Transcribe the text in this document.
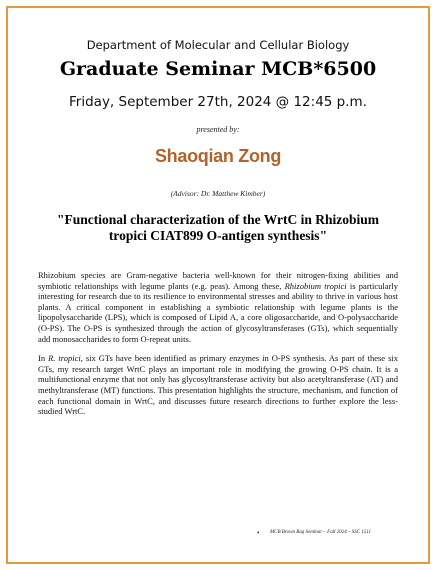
Department of Molecular and Cellular Biology
Graduate Seminar MCB*6500
Friday, September 27th, 2024 @ 12:45 p.m.
presented by:
Shaoqian Zong
(Advisor: Dr. Matthew Kimber)
"Functional characterization of the WrtC in Rhizobium tropici CIAT899 O-antigen synthesis"

Rhizobium species are Gram-negative bacteria well-known for their nitrogen-fixing abilities and symbiotic relationships with legume plants (e.g. peas). Among these, Rhizobium tropici is particularly interesting for research due to its resilience to environmental stresses and ability to thrive in various host plants. A critical component in establishing a symbiotic relationship with legume plants is the lipopolysaccharide (LPS), which is composed of Lipid A, a core oligosaccharide, and O-polysaccharide (O-PS). The O-PS is synthesized through the action of glycosyltransferases (GTs), which sequentially add monosaccharides to form O-repeat units.

In R. tropici, six GTs have been identified as primary enzymes in O-PS synthesis. As part of these six GTs, my research target WrtC plays an important role in modifying the growing O-PS chain. It is a multifunctional enzyme that not only has glycosyltransferase activity but also acetyltransferase (AT) and methyltransferase (MT) functions. This presentation highlights the structure, mechanism, and function of each functional domain in WrtC, and discusses future research directions to further explore the less-studied WrtC.

• MCB Brown Bag Seminar – Fall 2024 – SSC 1511
